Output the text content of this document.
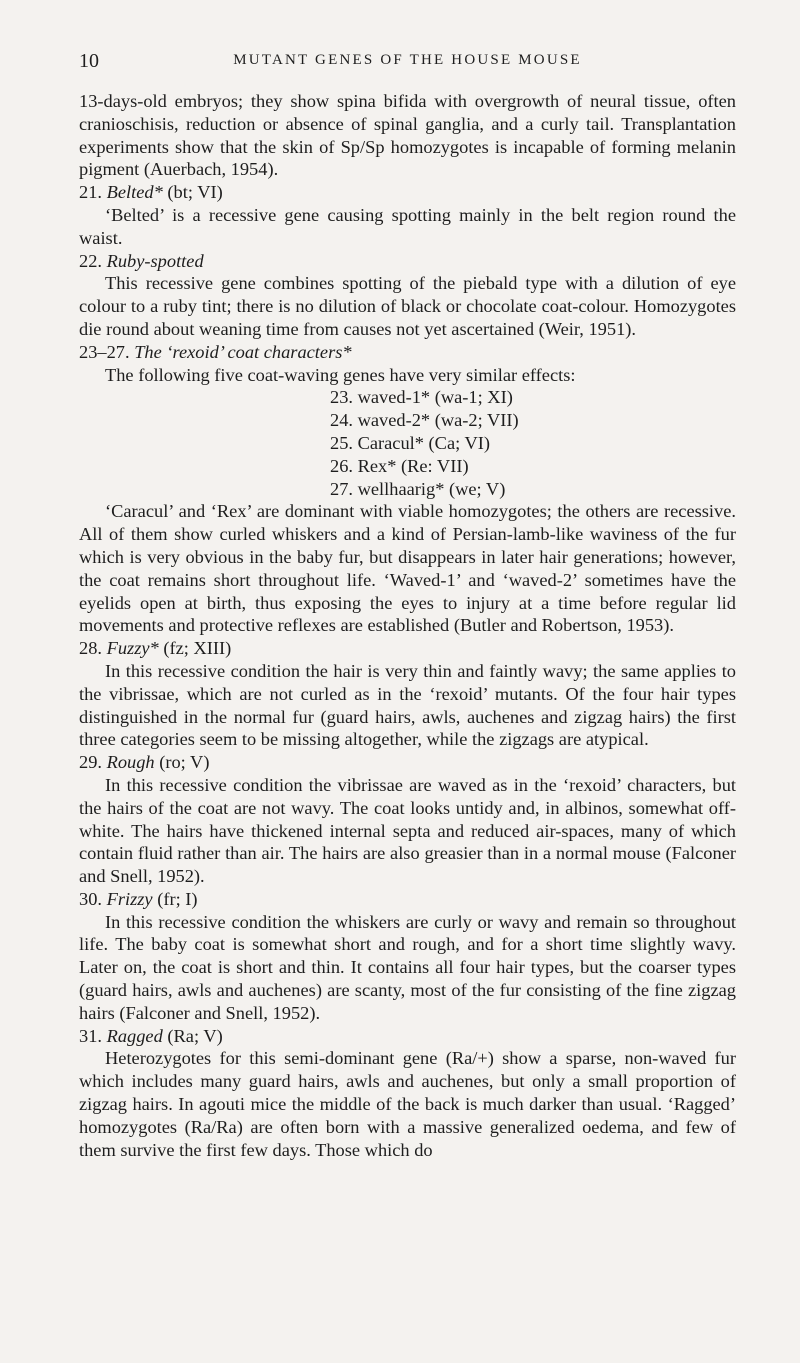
10	MUTANT GENES OF THE HOUSE MOUSE

13-days-old embryos; they show spina bifida with overgrowth of neural tissue, often cranioschisis, reduction or absence of spinal ganglia, and a curly tail. Transplantation experiments show that the skin of Sp/Sp homozygotes is incapable of forming melanin pigment (Auerbach, 1954).

21. Belted* (bt; VI)

‘Belted’ is a recessive gene causing spotting mainly in the belt region round the waist.

22. Ruby-spotted

This recessive gene combines spotting of the piebald type with a dilution of eye colour to a ruby tint; there is no dilution of black or chocolate coat-colour. Homozygotes die round about weaning time from causes not yet ascertained (Weir, 1951).

23–27. The ‘rexoid’ coat characters*

The following five coat-waving genes have very similar effects:

23. waved-1* (wa-1; XI)
24. waved-2* (wa-2; VII)
25. Caracul* (Ca; VI)
26. Rex* (Re: VII)
27. wellhaarig* (we; V)

‘Caracul’ and ‘Rex’ are dominant with viable homozygotes; the others are recessive. All of them show curled whiskers and a kind of Persian-lamb-like waviness of the fur which is very obvious in the baby fur, but disappears in later hair generations; however, the coat remains short throughout life. ‘Waved-1’ and ‘waved-2’ sometimes have the eyelids open at birth, thus exposing the eyes to injury at a time before regular lid movements and protective reflexes are established (Butler and Robertson, 1953).

28. Fuzzy* (fz; XIII)

In this recessive condition the hair is very thin and faintly wavy; the same applies to the vibrissae, which are not curled as in the ‘rexoid’ mutants. Of the four hair types distinguished in the normal fur (guard hairs, awls, auchenes and zigzag hairs) the first three categories seem to be missing altogether, while the zigzags are atypical.

29. Rough (ro; V)

In this recessive condition the vibrissae are waved as in the ‘rexoid’ characters, but the hairs of the coat are not wavy. The coat looks untidy and, in albinos, somewhat off-white. The hairs have thickened internal septa and reduced air-spaces, many of which contain fluid rather than air. The hairs are also greasier than in a normal mouse (Falconer and Snell, 1952).

30. Frizzy (fr; I)

In this recessive condition the whiskers are curly or wavy and remain so throughout life. The baby coat is somewhat short and rough, and for a short time slightly wavy. Later on, the coat is short and thin. It contains all four hair types, but the coarser types (guard hairs, awls and auchenes) are scanty, most of the fur consisting of the fine zigzag hairs (Falconer and Snell, 1952).

31. Ragged (Ra; V)

Heterozygotes for this semi-dominant gene (Ra/+) show a sparse, non-waved fur which includes many guard hairs, awls and auchenes, but only a small proportion of zigzag hairs. In agouti mice the middle of the back is much darker than usual. ‘Ragged’ homozygotes (Ra/Ra) are often born with a massive generalized oedema, and few of them survive the first few days. Those which do
